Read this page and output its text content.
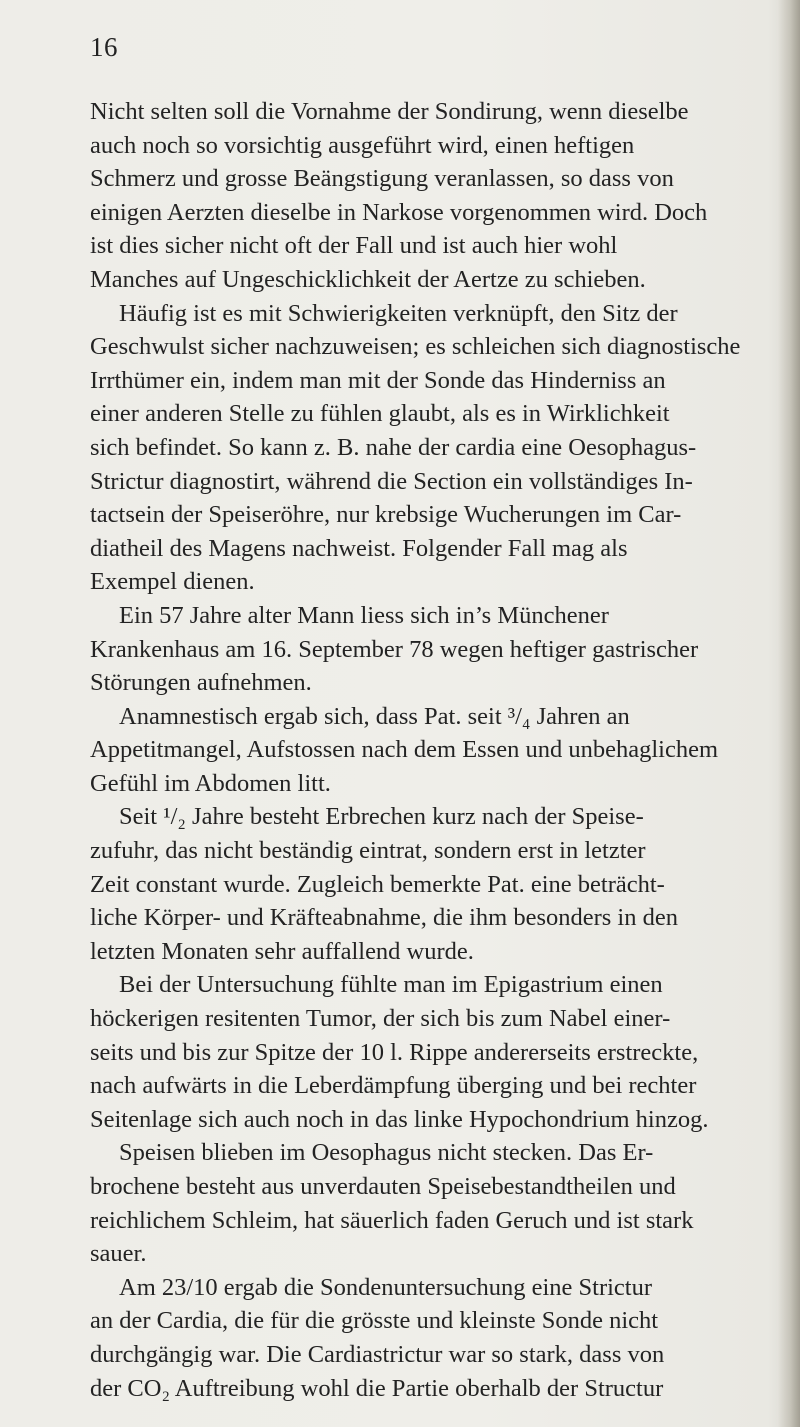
16
Nicht selten soll die Vornahme der Sondirung, wenn dieselbe
auch noch so vorsichtig ausgeführt wird, einen heftigen
Schmerz und grosse Beängstigung veranlassen, so dass von
einigen Aerzten dieselbe in Narkose vorgenommen wird. Doch
ist dies sicher nicht oft der Fall und ist auch hier wohl
Manches auf Ungeschicklichkeit der Aertze zu schieben.
Häufig ist es mit Schwierigkeiten verknüpft, den Sitz der
Geschwulst sicher nachzuweisen; es schleichen sich diagnostische
Irrthümer ein, indem man mit der Sonde das Hinderniss an
einer anderen Stelle zu fühlen glaubt, als es in Wirklichkeit
sich befindet. So kann z. B. nahe der cardia eine Oesophagus-
Strictur diagnostirt, während die Section ein vollständiges In-
tactsein der Speiseröhre, nur krebsige Wucherungen im Car-
diatheil des Magens nachweist. Folgender Fall mag als
Exempel dienen.
Ein 57 Jahre alter Mann liess sich in’s Münchener
Krankenhaus am 16. September 78 wegen heftiger gastrischer
Störungen aufnehmen.
Anamnestisch ergab sich, dass Pat. seit ³/₄ Jahren an
Appetitmangel, Aufstossen nach dem Essen und unbehaglichem
Gefühl im Abdomen litt.
Seit ¹/₂ Jahre besteht Erbrechen kurz nach der Speise-
zufuhr, das nicht beständig eintrat, sondern erst in letzter
Zeit constant wurde. Zugleich bemerkte Pat. eine beträcht-
liche Körper- und Kräfteabnahme, die ihm besonders in den
letzten Monaten sehr auffallend wurde.
Bei der Untersuchung fühlte man im Epigastrium einen
höckerigen resitenten Tumor, der sich bis zum Nabel einer-
seits und bis zur Spitze der 10 l. Rippe andererseits erstreckte,
nach aufwärts in die Leberdämpfung überging und bei rechter
Seitenlage sich auch noch in das linke Hypochondrium hinzog.
Speisen blieben im Oesophagus nicht stecken. Das Er-
brochene besteht aus unverdauten Speisebestandtheilen und
reichlichem Schleim, hat säuerlich faden Geruch und ist stark
sauer.
Am 23/10 ergab die Sondenuntersuchung eine Strictur
an der Cardia, die für die grösste und kleinste Sonde nicht
durchgängig war. Die Cardiastrictur war so stark, dass von
der CO₂ Auftreibung wohl die Partie oberhalb der Structur
